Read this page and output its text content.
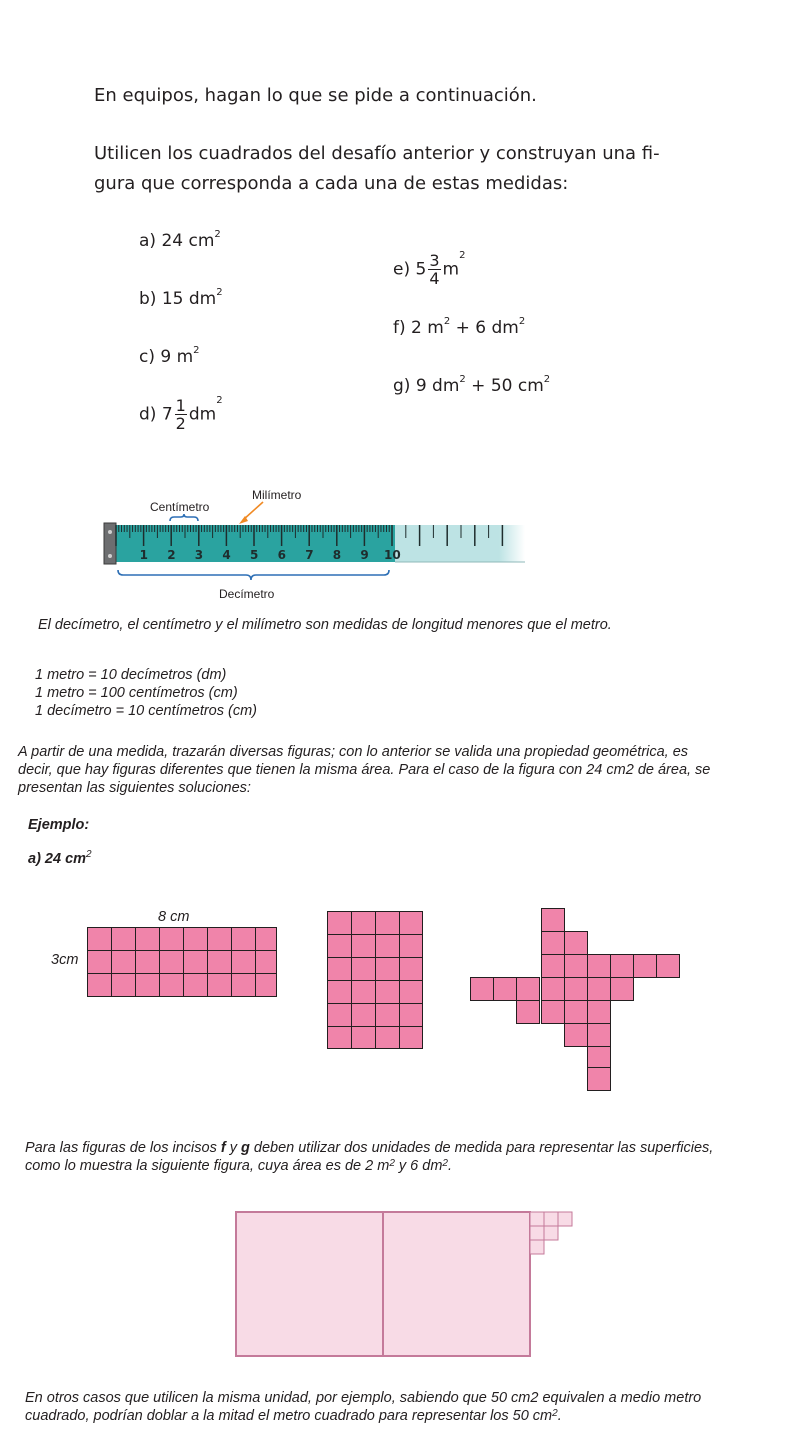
En equipos, hagan lo que se pide a continuación.
Utilicen los cuadrados del desafío anterior y construyan una fi-
gura que corresponda a cada una de estas medidas:
a) 24 $cm^2$
b) 15 $dm^2$
c) 9 $m^2$
d) $7 \frac{1}{2} dm^2$
e) $5 \frac{3}{4} m^2$
f) 2 $m^2 + 6$ $dm^2$
g) 9 $dm^2 + 50$ $cm^2$
Centímetro
Milímetro
1 2 3 4 5 6 7 8 9 10
Decímetro
El decímetro, el centímetro y el milímetro son medidas de longitud menores que el metro.
1 metro = 10 decímetros (dm)
1 metro = 100 centímetros (cm)
1 decímetro = 10 centímetros (cm)
A partir de una medida, trazarán diversas figuras; con lo anterior se valida una propiedad geométrica, es
decir, que hay figuras diferentes que tienen la misma área. Para el caso de la figura con 24 cm2 de área, se
presentan las siguientes soluciones:
Ejemplo:
a) 24 $cm^2$
8 cm
3cm
Para las figuras de los incisos f y g deben utilizar dos unidades de medida para representar las superficies,
como lo muestra la siguiente figura, cuya área es de 2 $m^2$ y 6 $dm^2$.
En otros casos que utilicen la misma unidad, por ejemplo, sabiendo que 50 cm2 equivalen a medio metro
cuadrado, podrían doblar a la mitad el metro cuadrado para representar los 50 $cm^2$.
